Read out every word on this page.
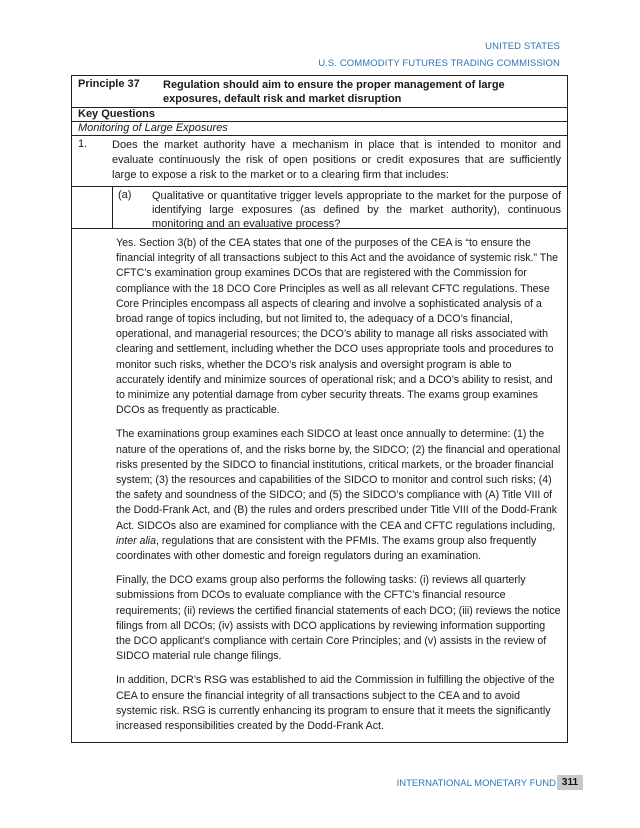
UNITED STATES
U.S. COMMODITY FUTURES TRADING COMMISSION
Principle 37 Regulation should aim to ensure the proper management of large exposures, default risk and market disruption
Key Questions
Monitoring of Large Exposures
1. Does the market authority have a mechanism in place that is intended to monitor and evaluate continuously the risk of open positions or credit exposures that are sufficiently large to expose a risk to the market or to a clearing firm that includes:
(a) Qualitative or quantitative trigger levels appropriate to the market for the purpose of identifying large exposures (as defined by the market authority), continuous monitoring and an evaluative process?

Yes. Section 3(b) of the CEA states that one of the purposes of the CEA is “to ensure the financial integrity of all transactions subject to this Act and the avoidance of systemic risk.” The CFTC’s examination group examines DCOs that are registered with the Commission for compliance with the 18 DCO Core Principles as well as all relevant CFTC regulations. These Core Principles encompass all aspects of clearing and involve a sophisticated analysis of a broad range of topics including, but not limited to, the adequacy of a DCO’s financial, operational, and managerial resources; the DCO’s ability to manage all risks associated with clearing and settlement, including whether the DCO uses appropriate tools and procedures to monitor such risks, whether the DCO’s risk analysis and oversight program is able to accurately identify and minimize sources of operational risk; and a DCO’s ability to resist, and to minimize any potential damage from cyber security threats. The exams group examines DCOs as frequently as practicable.

The examinations group examines each SIDCO at least once annually to determine: (1) the nature of the operations of, and the risks borne by, the SIDCO; (2) the financial and operational risks presented by the SIDCO to financial institutions, critical markets, or the broader financial system; (3) the resources and capabilities of the SIDCO to monitor and control such risks; (4) the safety and soundness of the SIDCO; and (5) the SIDCO’s compliance with (A) Title VIII of the Dodd-Frank Act, and (B) the rules and orders prescribed under Title VIII of the Dodd-Frank Act. SIDCOs also are examined for compliance with the CEA and CFTC regulations including, inter alia, regulations that are consistent with the PFMIs. The exams group also frequently coordinates with other domestic and foreign regulators during an examination.

Finally, the DCO exams group also performs the following tasks: (i) reviews all quarterly submissions from DCOs to evaluate compliance with the CFTC’s financial resource requirements; (ii) reviews the certified financial statements of each DCO; (iii) reviews the notice filings from all DCOs; (iv) assists with DCO applications by reviewing information supporting the DCO applicant’s compliance with certain Core Principles; and (v) assists in the review of SIDCO material rule change filings.

In addition, DCR’s RSG was established to aid the Commission in fulfilling the objective of the CEA to ensure the financial integrity of all transactions subject to the CEA and to avoid systemic risk. RSG is currently enhancing its program to ensure that it meets the significantly increased responsibilities created by the Dodd-Frank Act.

INTERNATIONAL MONETARY FUND 311
